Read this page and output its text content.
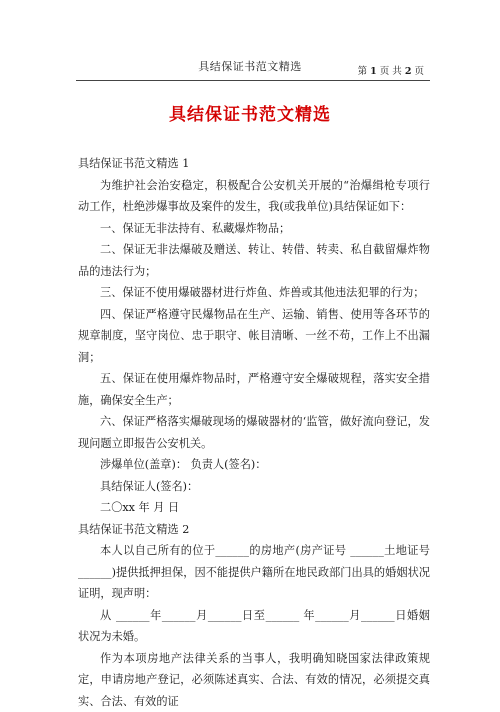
具结保证书范文精选	第 1 页 共 2 页
具结保证书范文精选

具结保证书范文精选 1

为维护社会治安稳定，积极配合公安机关开展的“治爆缉枪专项行动工作，杜绝涉爆事故及案件的发生，我(或我单位)具结保证如下：

一、保证无非法持有、私藏爆炸物品；

二、保证无非法爆破及赠送、转让、转借、转卖、私自截留爆炸物品的违法行为；

三、保证不使用爆破器材进行炸鱼、炸兽或其他违法犯罪的行为；

四、保证严格遵守民爆物品在生产、运输、销售、使用等各环节的规章制度，坚守岗位、忠于职守、帐目清晰、一丝不苟，工作上不出漏洞；

五、保证在使用爆炸物品时，严格遵守安全爆破规程，落实安全措施，确保安全生产；

六、保证严格落实爆破现场的爆破器材的‘监管，做好流向登记，发现问题立即报告公安机关。

涉爆单位(盖章)： 负责人(签名)：

具结保证人(签名)：

二〇xx 年 月 日

具结保证书范文精选 2

本人以自己所有的位于______的房地产(房产证号 ______土地证号 ______)提供抵押担保，因不能提供户籍所在地民政部门出具的婚姻状况证明，现声明：

从 ______年______月______日至______ 年______月______日婚姻状况为未婚。

作为本项房地产法律关系的当事人，我明确知晓国家法律政策规定，申请房地产登记，必须陈述真实、合法、有效的情况，必须提交真实、合法、有效的证
